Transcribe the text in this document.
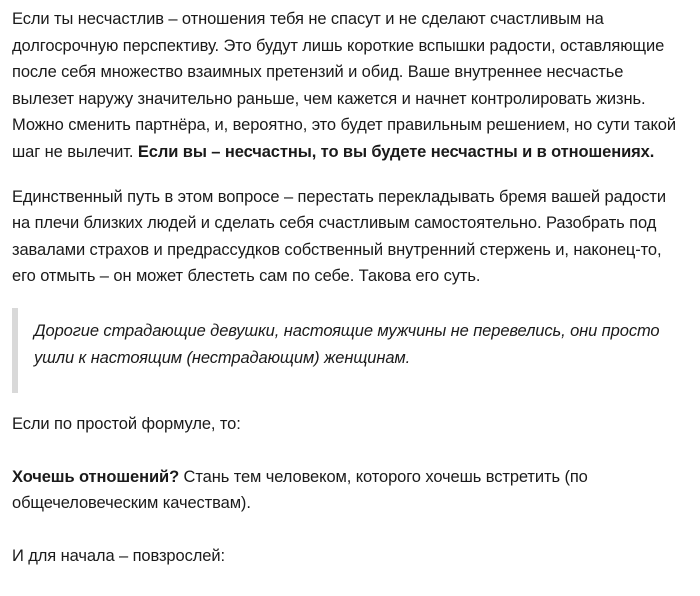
Если ты несчастлив – отношения тебя не спасут и не сделают счастливым на долгосрочную перспективу. Это будут лишь короткие вспышки радости, оставляющие после себя множество взаимных претензий и обид. Ваше внутреннее несчастье вылезет наружу значительно раньше, чем кажется и начнет контролировать жизнь. Можно сменить партнёра, и, вероятно, это будет правильным решением, но сути такой шаг не вылечит. Если вы – несчастны, то вы будете несчастны и в отношениях.

Единственный путь в этом вопросе – перестать перекладывать бремя вашей радости на плечи близких людей и сделать себя счастливым самостоятельно. Разобрать под завалами страхов и предрассудков собственный внутренний стержень и, наконец-то, его отмыть – он может блестеть сам по себе. Такова его суть.

Дорогие страдающие девушки, настоящие мужчины не перевелись, они просто ушли к настоящим (нестрадающим) женщинам.

Если по простой формуле, то:

Хочешь отношений? Стань тем человеком, которого хочешь встретить (по общечеловеческим качествам).

И для начала – повзрослей:
